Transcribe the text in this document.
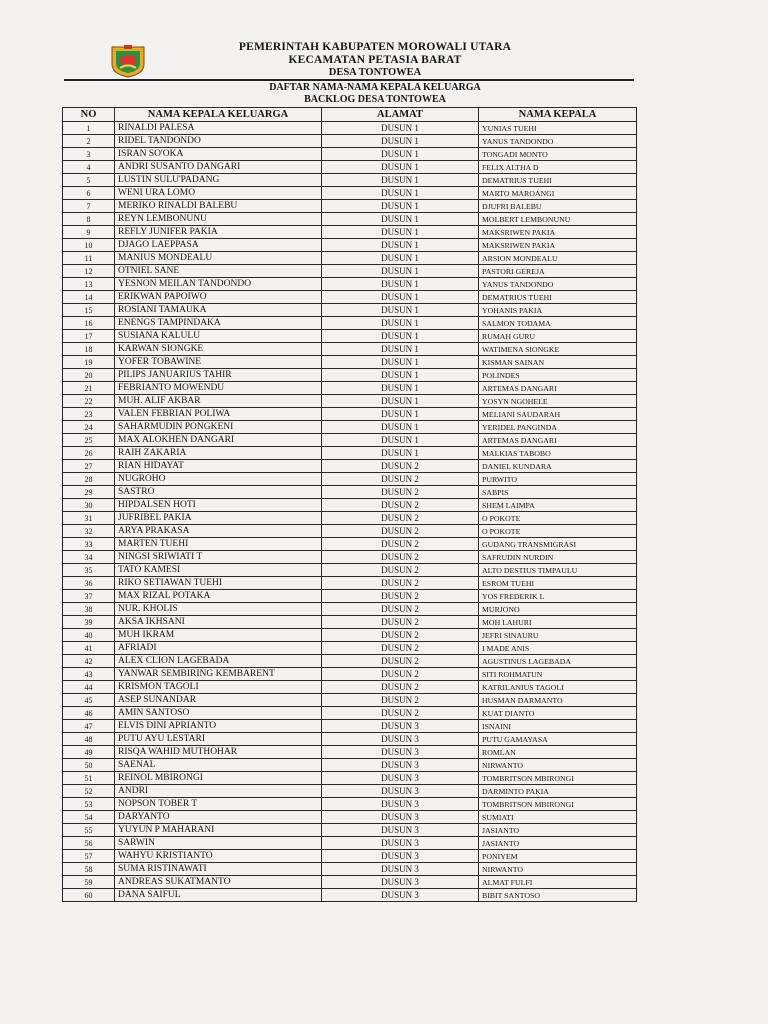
PEMERINTAH KABUPATEN MOROWALI UTARA
KECAMATAN PETASIA BARAT
DESA TONTOWEA
DAFTAR NAMA-NAMA KEPALA KELUARGA
BACKLOG DESA TONTOWEA
NO	NAMA KEPALA KELUARGA	ALAMAT	NAMA KEPALA
1	RINALDI PALESA	DUSUN 1	YUNIAS TUEHI
2	RIDEL TANDONDO	DUSUN 1	YANUS TANDONDO
3	ISRAN SO'OKA	DUSUN 1	TONGADI MONTO
4	ANDRI SUSANTO DANGARI	DUSUN 1	FELIX ALTHA D
5	LUSTIN SULU'PADANG	DUSUN 1	DEMATRIUS TUEHI
6	WENI URA LOMO	DUSUN 1	MARTO MAROANGI
7	MERIKO RINALDI BALEBU	DUSUN 1	DJUFRI BALEBU
8	REYN LEMBONUNU	DUSUN 1	MOLBERT LEMBONUNU
9	REFLY JUNIFER PAKIA	DUSUN 1	MAKSRIWEN PAKIA
10	DJAGO LAEPPASA	DUSUN 1	MAKSRIWEN PAKIA
11	MANIUS MONDEALU	DUSUN 1	ARSION MONDEALU
12	OTNIEL SANE	DUSUN 1	PASTORI GEREJA
13	YESNON MEILAN TANDONDO	DUSUN 1	YANUS TANDONDO
14	ERIKWAN PAPOIWO	DUSUN 1	DEMATRIUS TUEHI
15	ROSIANI TAMAUKA	DUSUN 1	YOHANIS PAKIA
16	ENENGS TAMPINDAKA	DUSUN 1	SALMON TODAMA
17	SUSIANA KALULU	DUSUN 1	RUMAH GURU
18	KARWAN SIONGKE	DUSUN 1	WATIMENA SIONGKE
19	YOFER TOBAWINE	DUSUN 1	KISMAN SAINAN
20	PILIPS JANUARIUS TAHIR	DUSUN 1	POLINDES
21	FEBRIANTO MOWENDU	DUSUN 1	ARTEMAS DANGARI
22	MUH. ALIF AKBAR	DUSUN 1	YOSYN NGOHELE
23	VALEN FEBRIAN POLIWA	DUSUN 1	MELIANI SAUDARAH
24	SAHARMUDIN PONGKENI	DUSUN 1	YERIDEL PANGINDA
25	MAX ALOKHEN DANGARI	DUSUN 1	ARTEMAS DANGARI
26	RAIH ZAKARIA	DUSUN 1	MALKIAS TABOBO
27	RIAN HIDAYAT	DUSUN 2	DANIEL KUNDARA
28	NUGROHO	DUSUN 2	PURWITO
29	SASTRO	DUSUN 2	SABPIS
30	HIPDALSEN HOTI	DUSUN 2	SHEM LAIMPA
31	JUFRIBEL PAKIA	DUSUN 2	O POKOTE
32	ARYA PRAKASA	DUSUN 2	O POKOTE
33	MARTEN TUEHI	DUSUN 2	GUDANG TRANSMIGRASI
34	NINGSI SRIWIATI T	DUSUN 2	SAFRUDIN NURDIN
35	TATO KAMESI	DUSUN 2	ALTO DESTIUS TIMPAULU
36	RIKO SETIAWAN TUEHI	DUSUN 2	ESROM TUEHI
37	MAX RIZAL POTAKA	DUSUN 2	YOS FREDERIK L
38	NUR. KHOLIS	DUSUN 2	MURJONO
39	AKSA IKHSANI	DUSUN 2	MOH LAHURI
40	MUH IKRAM	DUSUN 2	JEFRI SINAURU
41	AFRIADI	DUSUN 2	I MADE ANIS
42	ALEX CLION LAGEBADA	DUSUN 2	AGUSTINUS LAGEBADA
43	YANWAR SEMBIRING KEMBARENT	DUSUN 2	SITI ROHMATUN
44	KRISMON TAGOLI	DUSUN 2	KATRILANIUS TAGOLI
45	ASEP SUNANDAR	DUSUN 2	HUSMAN DARMANTO
46	AMIN SANTOSO	DUSUN 2	KUAT DIANTO
47	ELVIS DINI APRIANTO	DUSUN 3	ISNAINI
48	PUTU AYU LESTARI	DUSUN 3	PUTU GAMAYASA
49	RISQA WAHID MUTHOHAR	DUSUN 3	ROMLAN
50	SAENAL	DUSUN 3	NIRWANTO
51	REINOL MBIRONGI	DUSUN 3	TOMBRITSON MBIRONGI
52	ANDRI	DUSUN 3	DARMINTO PAKIA
53	NOPSON TOBER T	DUSUN 3	TOMBRITSON MBIRONGI
54	DARYANTO	DUSUN 3	SUMIATI
55	YUYUN P MAHARANI	DUSUN 3	JASIANTO
56	SARWIN	DUSUN 3	JASIANTO
57	WAHYU KRISTIANTO	DUSUN 3	PONIYEM
58	SUMA RISTINAWATI	DUSUN 3	NIRWANTO
59	ANDREAS SUKATMANTO	DUSUN 3	ALMAT FULFI
60	DANA SAIFUL	DUSUN 3	BIBIT SANTOSO
